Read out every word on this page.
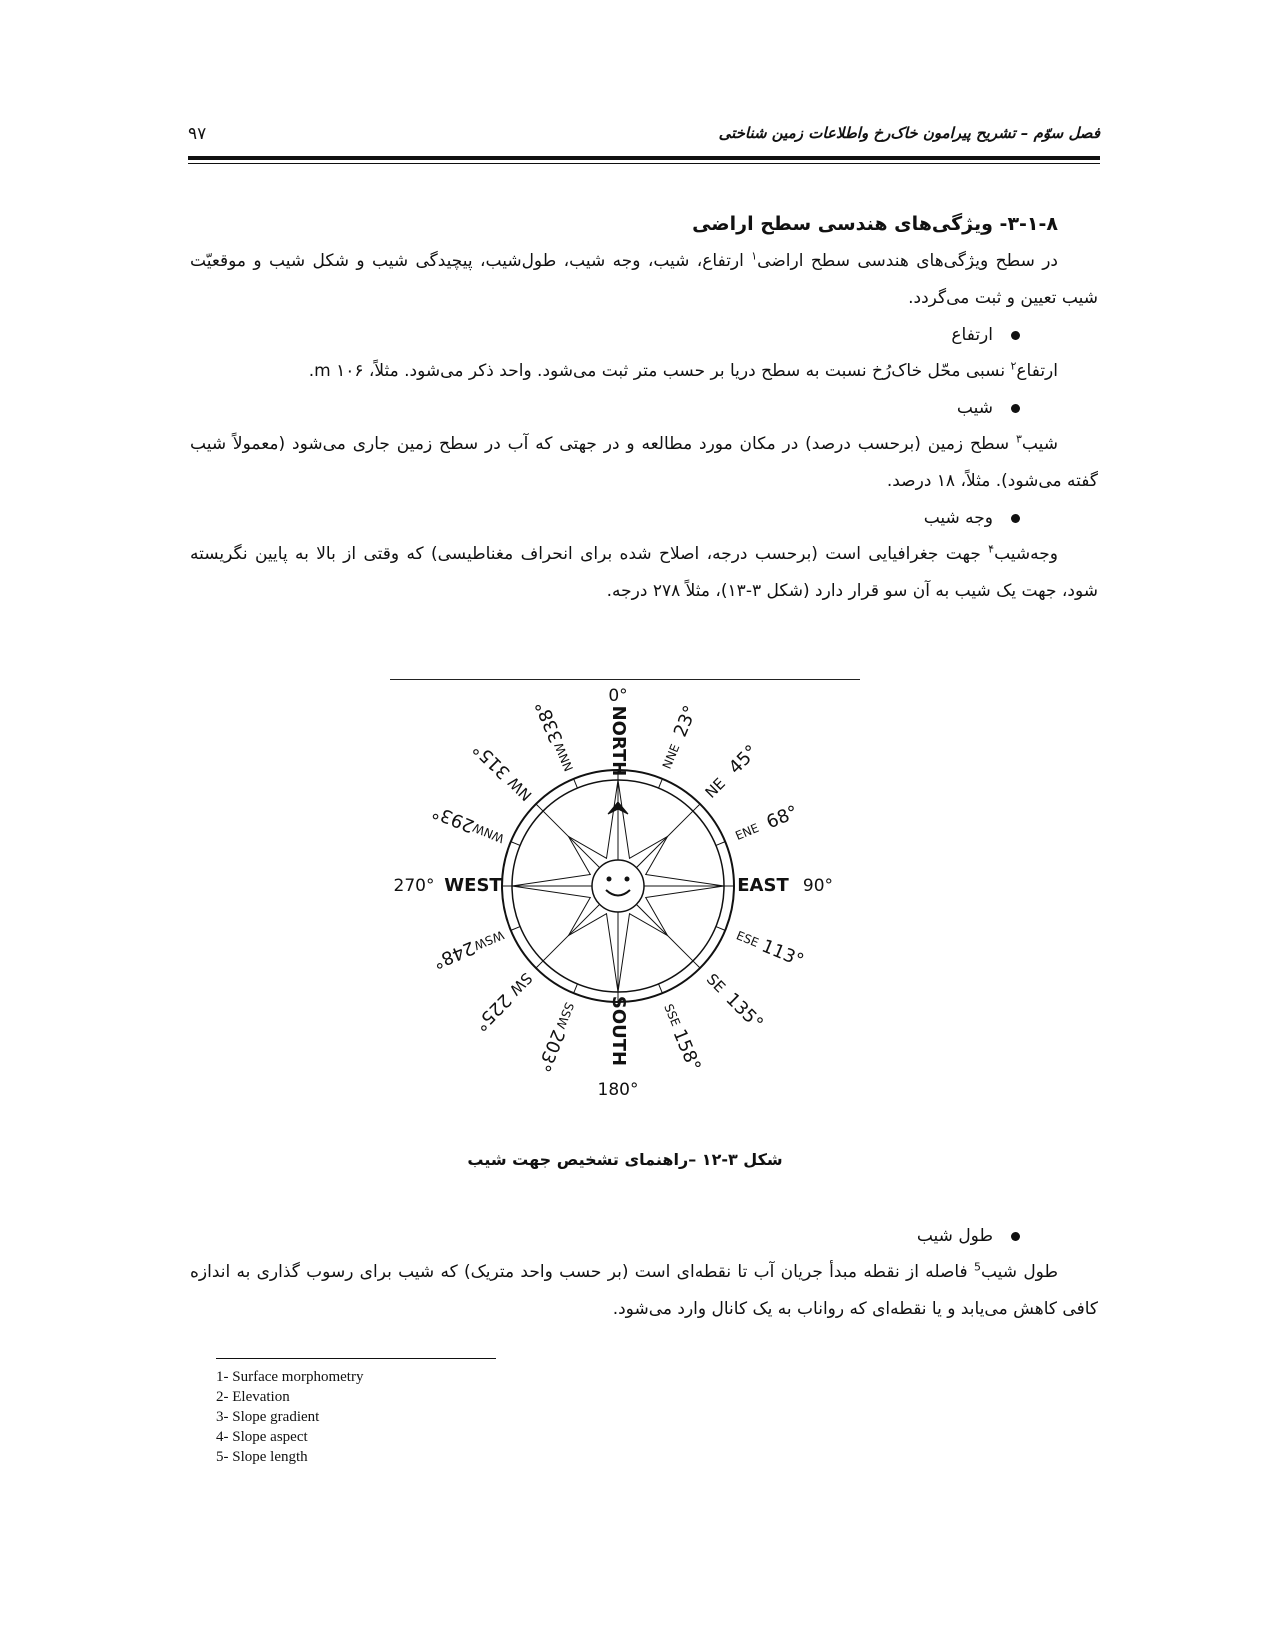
۹۷	فصل سوّم – تشریح پیرامون خاک‌رخ واطلاعات زمین شناختی
۳-۱-۸- ویژگی‌های هندسی سطح اراضی

در سطح ویژگی‌های هندسی سطح اراضی$^۱$ ارتفاع، شیب، وجه شیب، طول‌شیب، پیچیدگی شیب و شکل شیب و موقعیّت شیب تعیین و ثبت می‌گردد.

ارتفاع

ارتفاع$^۲$ نسبی محّل خاک‌رُخ نسبت به سطح دریا بر حسب متر ثبت می‌شود. واحد ذکر می‌شود. مثلاً، m ۱۰۶.

شیب

شیب$^۳$ سطح زمین (برحسب درصد) در مکان مورد مطالعه و در جهتی که آب در سطح زمین جاری می‌شود (معمولاً شیب گفته می‌شود). مثلاً، ۱۸ درصد.

وجه شیب

وجه‌شیب$^۴$ جهت جغرافیایی است (برحسب درجه، اصلاح شده برای انحراف مغناطیسی) که وقتی از بالا به پایین نگریسته شود، جهت یک شیب به آن سو قرار دارد (شکل ۳-۱۳)، مثلاً ۲۷۸ درجه.

0°
NORTH
SOUTH
180°
WEST
270°	EAST 90°
NNE
23°
NE
45°
ENE 68°
ESE
113°
SE
135°
SSE
158°
SSW
203°
SW
225°
WSW
248°
WNW
293°
NW
315°	NNW
338°
شکل ۳-۱۲ –راهنمای تشخیص جهت شیب
طول شیب

طول شیب$^5$ فاصله از نقطه مبدأ جریان آب تا نقطه‌ای است (بر حسب واحد متریک) که شیب برای رسوب گذاری به اندازه کافی کاهش می‌یابد و یا نقطه‌ای که رواناب به یک کانال وارد می‌شود.

1- Surface morphometry
2- Elevation
3- Slope gradient
4- Slope aspect
5- Slope length
